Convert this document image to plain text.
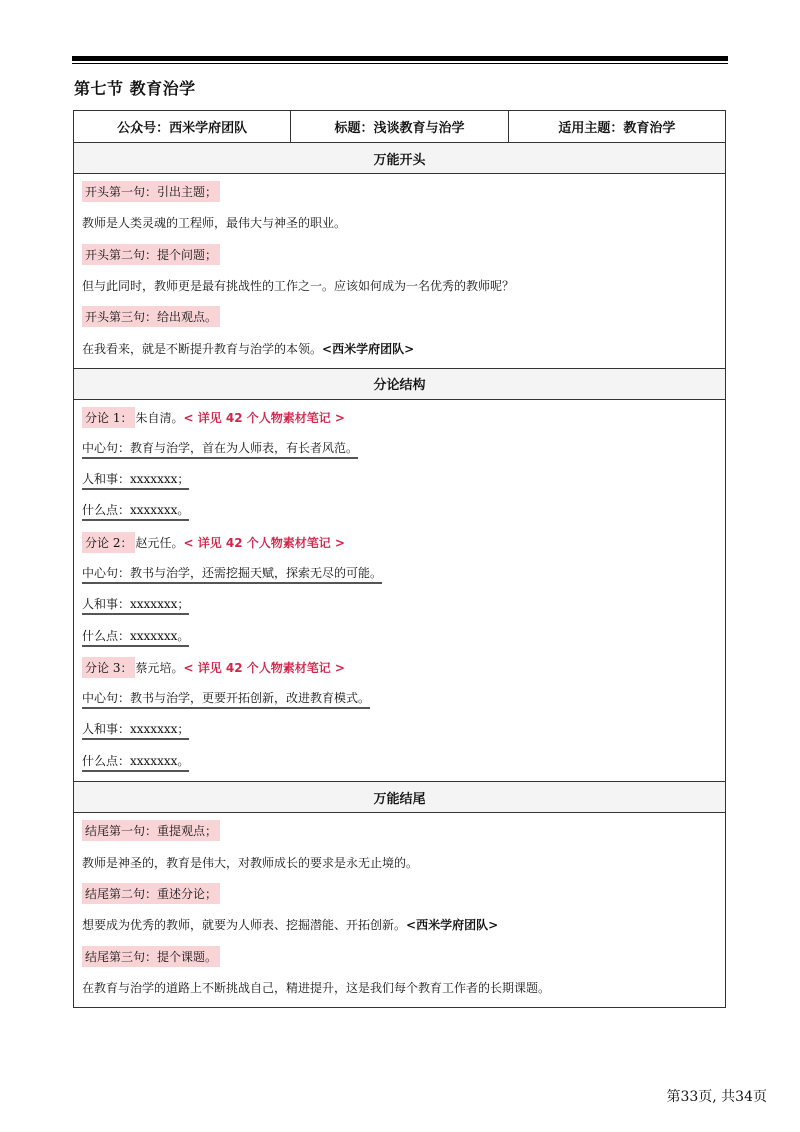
第七节 教育治学
公众号：西米学府团队	标题：浅谈教育与治学	适用主题：教育治学
万能开头
开头第一句：引出主题；
教师是人类灵魂的工程师，最伟大与神圣的职业。
开头第二句：提个问题；
但与此同时，教师更是最有挑战性的工作之一。应该如何成为一名优秀的教师呢？
开头第三句：给出观点。
在我看来，就是不断提升教育与治学的本领。 <西米学府团队>
分论结构
分论 1： 朱自清。 < 详见 42 个人物素材笔记 >
中心句：教育与治学，首在为人师表，有长者风范。
人和事：xxxxxxx；
什么点：xxxxxxx。
分论 2： 赵元任。 < 详见 42 个人物素材笔记 >
中心句：教书与治学，还需挖掘天赋，探索无尽的可能。
人和事：xxxxxxx；
什么点：xxxxxxx。
分论 3： 蔡元培。 < 详见 42 个人物素材笔记 >
中心句：教书与治学，更要开拓创新，改进教育模式。
人和事：xxxxxxx；
什么点：xxxxxxx。
万能结尾
结尾第一句：重提观点；
教师是神圣的，教育是伟大，对教师成长的要求是永无止境的。
结尾第二句：重述分论；
想要成为优秀的教师，就要为人师表、挖掘潜能、开拓创新。 <西米学府团队>
结尾第三句：提个课题。
在教育与治学的道路上不断挑战自己，精进提升，这是我们每个教育工作者的长期课题。
第33页, 共34页
